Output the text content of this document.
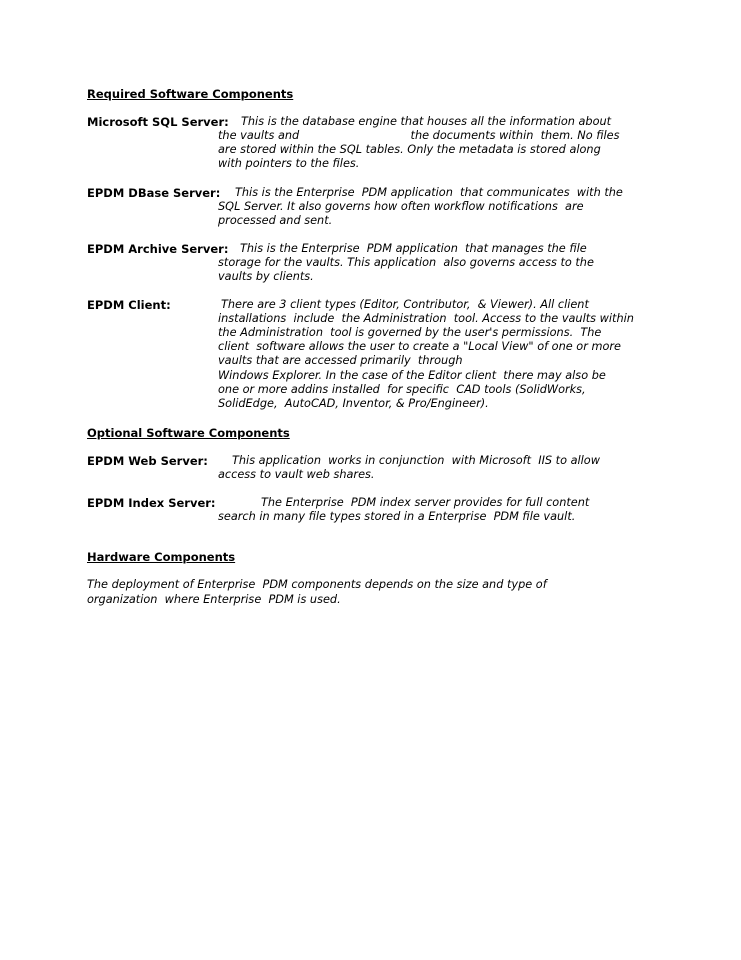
Required Software Components
Microsoft SQL Server: This is the database engine that houses all the information about
the vaults and                               the documents within  them. No files
are stored within the SQL tables. Only the metadata is stored along
with pointers to the files.
EPDM DBase Server: This is the Enterprise  PDM application  that communicates  with the
SQL Server. It also governs how often workflow notifications  are
processed and sent.
EPDM Archive Server: This is the Enterprise  PDM application  that manages the file
storage for the vaults. This application  also governs access to the
vaults by clients.
EPDM Client:	There are 3 client types (Editor, Contributor,  & Viewer). All client
installations  include  the Administration  tool. Access to the vaults within
the Administration  tool is governed by the user's permissions.  The
client  software allows the user to create a "Local View" of one or more
vaults that are accessed primarily  through
Windows Explorer. In the case of the Editor client  there may also be
one or more addins installed  for specific  CAD tools (SolidWorks,
SolidEdge,  AutoCAD, Inventor, & Pro/Engineer).
Optional Software Components
EPDM Web Server: This application  works in conjunction  with Microsoft  IIS to allow
access to vault web shares.
EPDM Index Server:	The Enterprise  PDM index server provides for full content
search in many file types stored in a Enterprise  PDM file vault.
Hardware Components
The deployment of Enterprise  PDM components depends on the size and type of
organization  where Enterprise  PDM is used.
